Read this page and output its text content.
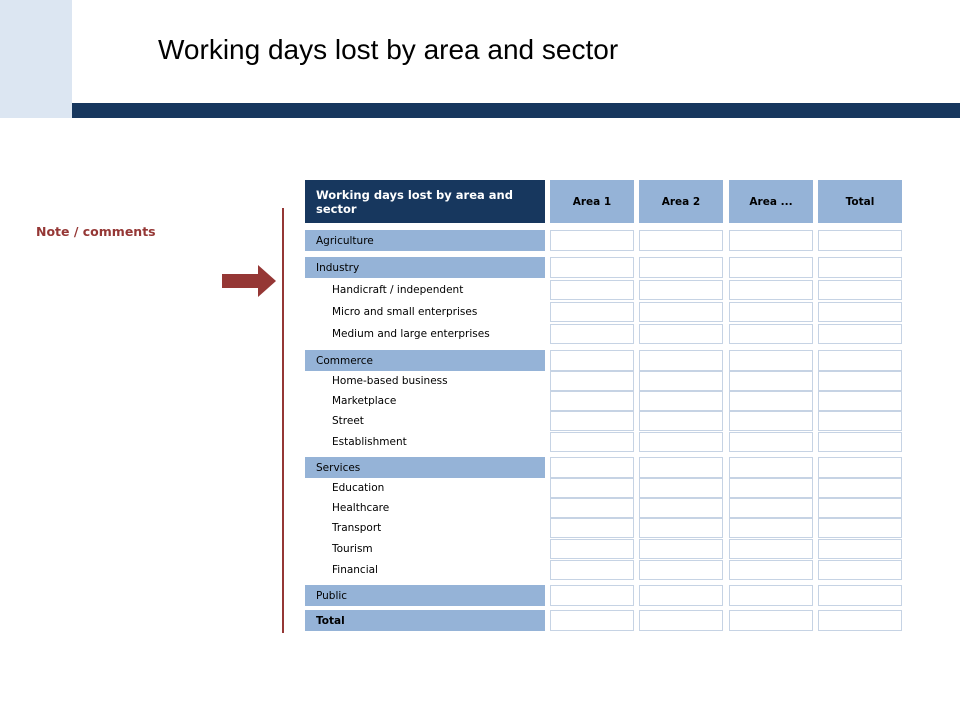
Working days lost by area and sector
Note / comments
Working days lost by area and sector	Area 1	Area 2	Area ...	Total
Agriculture
Industry
Handicraft / independent
Micro and small enterprises
Medium and large enterprises
Commerce
Home-based business
Marketplace
Street
Establishment
Services
Education
Healthcare
Transport
Tourism
Financial
Public
Total
